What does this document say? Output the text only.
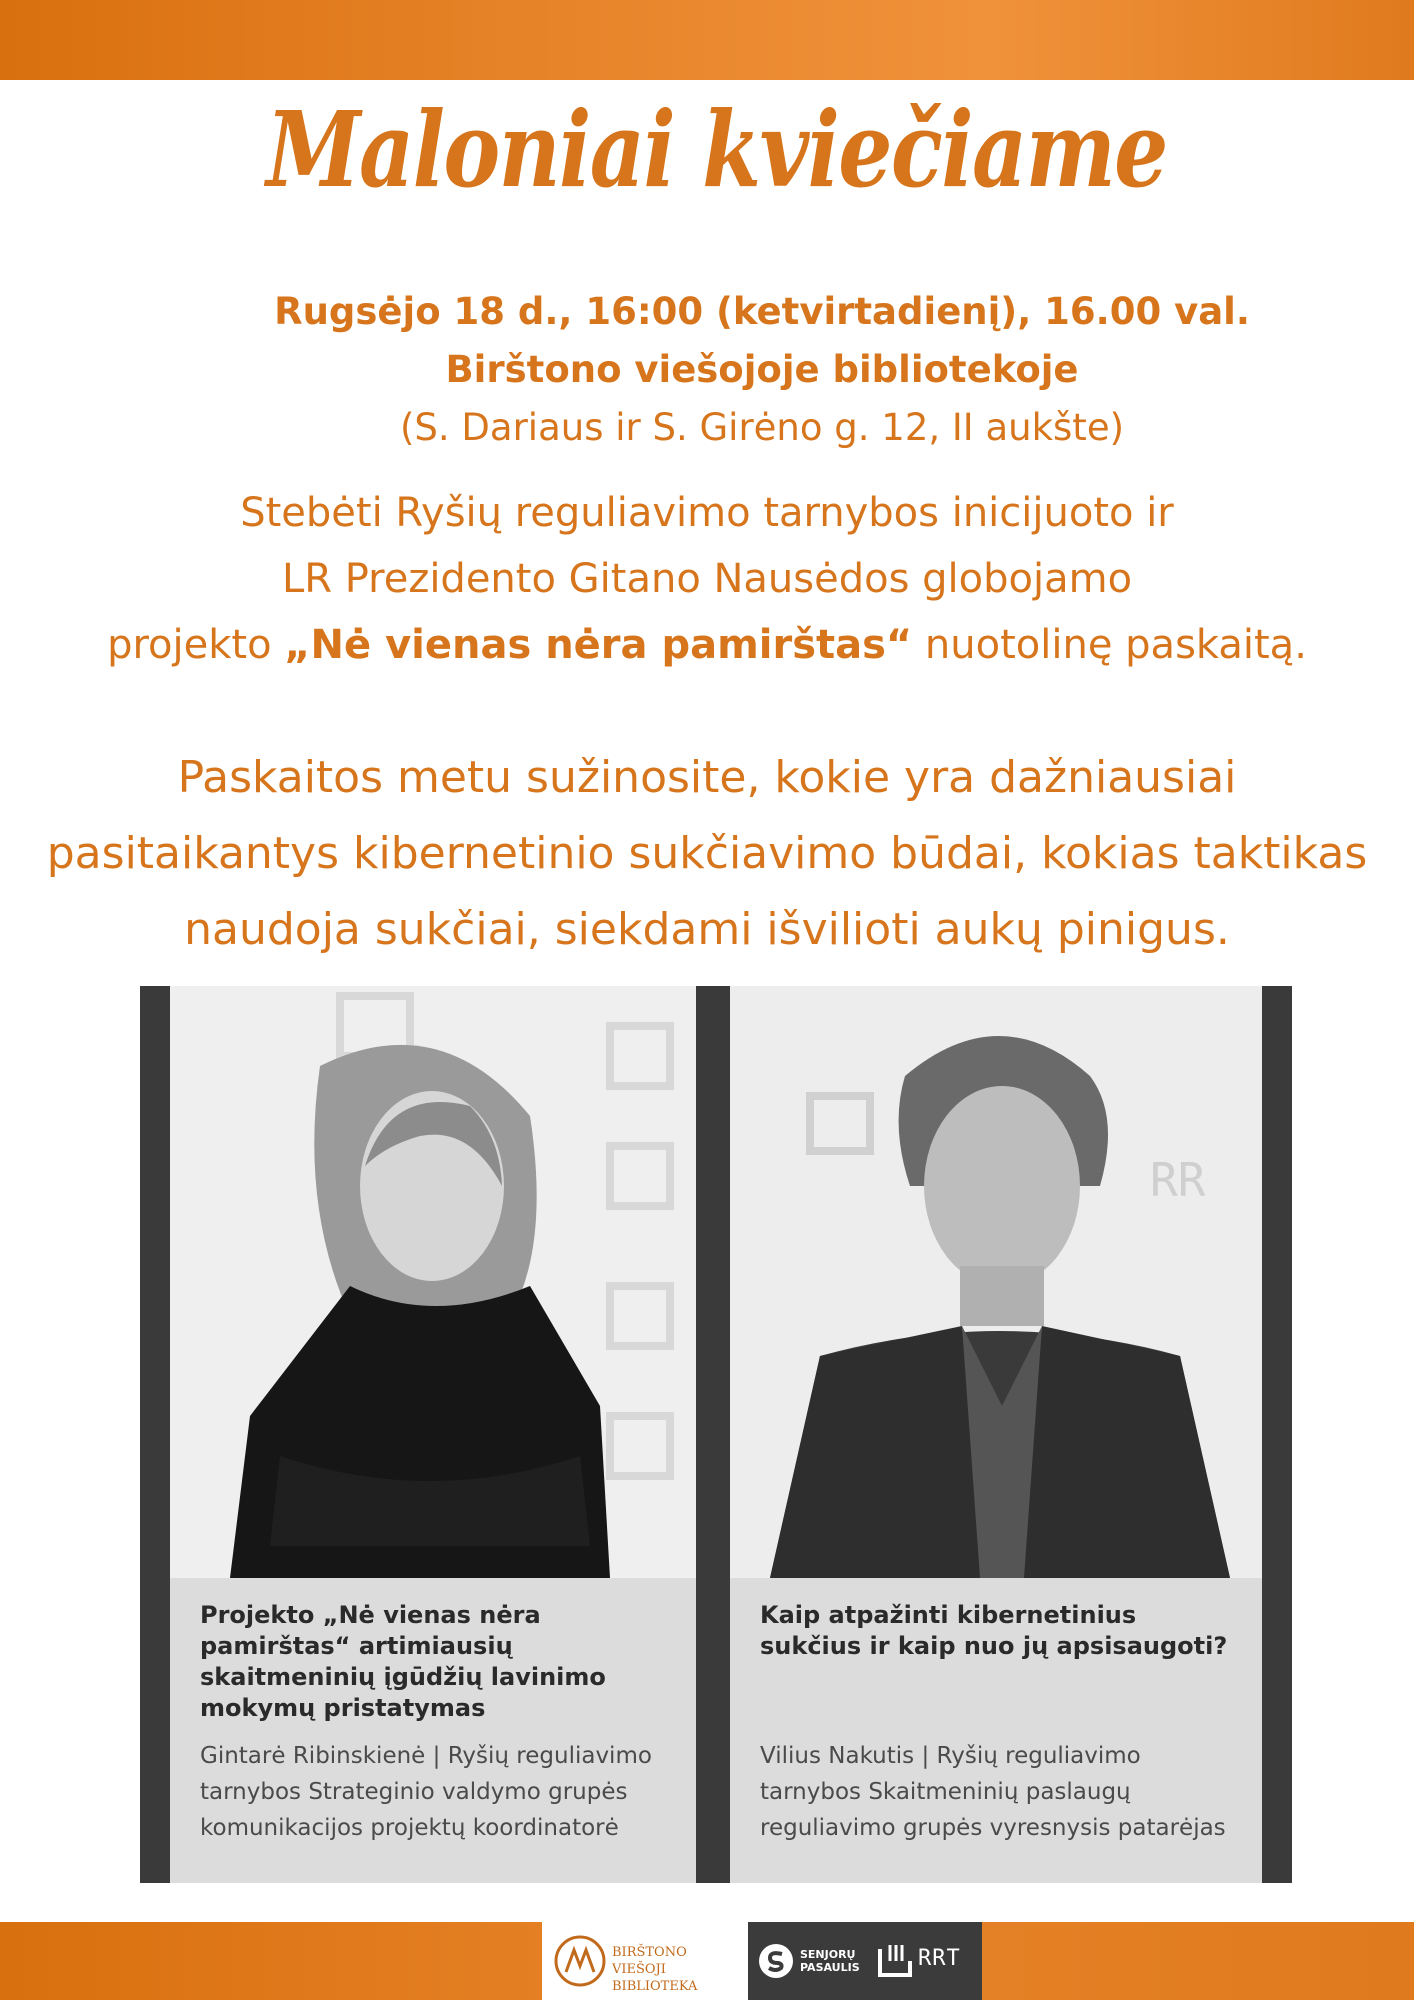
Maloniai kviečiame
Rugsėjo 18 d., 16:00 (ketvirtadienį), 16.00 val.
Birštono viešojoje bibliotekoje
(S. Dariaus ir S. Girėno g. 12, II aukšte)
Stebėti Ryšių reguliavimo tarnybos inicijuoto ir
LR Prezidento Gitano Nausėdos globojamo
projekto „Nė vienas nėra pamirštas“ nuotolinę paskaitą.
Paskaitos metu sužinosite, kokie yra dažniausiai
pasitaikantys kibernetinio sukčiavimo būdai, kokias taktikas
naudoja sukčiai, siekdami išvilioti aukų pinigus.
Projekto „Nė vienas nėra
pamirštas“ artimiausių
skaitmeninių įgūdžių lavinimo
mokymų pristatymas
Gintarė Ribinskienė | Ryšių reguliavimo
tarnybos Strateginio valdymo grupės
komunikacijos projektų koordinatorė
RR
Kaip atpažinti kibernetinius
sukčius ir kaip nuo jų apsisaugoti?
Vilius Nakutis | Ryšių reguliavimo
tarnybos Skaitmeninių paslaugų
reguliavimo grupės vyresnysis patarėjas
BIRŠTONO
VIEŠOJI BIBLIOTEKA
SENJORŲ
PASAULIS	RRT
